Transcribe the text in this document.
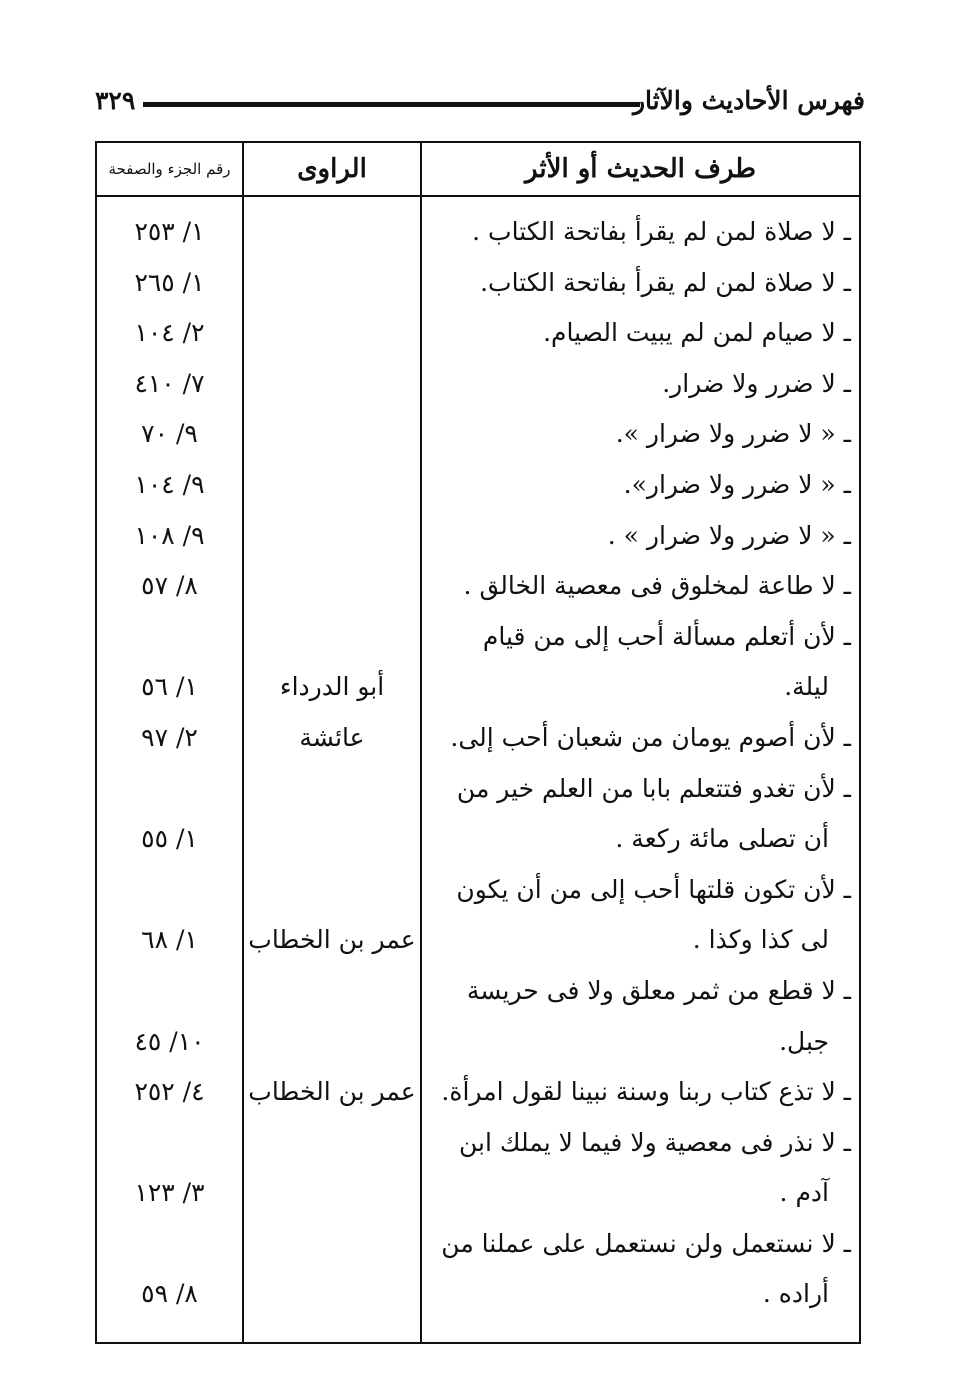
فهرس الأحاديث والآثار
٣٢٩
طرف الحديث أو الأثر	الراوى	رقم الجزء والصفحة

ـ لا صلاة لمن لم يقرأ بفاتحة الكتاب .		١/ ٢٥٣

ـ لا صلاة لمن لم يقرأ بفاتحة الكتاب.		١/ ٢٦٥

ـ لا صيام لمن لم يبيت الصيام.		٢/ ١٠٤

ـ لا ضرر ولا ضرار.		٧/ ٤١٠

ـ « لا ضرر ولا ضرار ».		٩/ ٧٠

ـ « لا ضرر ولا ضرار».		٩/ ١٠٤

ـ « لا ضرر ولا ضرار » .		٩/ ١٠٨

ـ لا طاعة لمخلوق فى معصية الخالق .		٨/ ٥٧

ـ لأن أتعلم مسألة أحب إلى من قيام
ليلة.	أبو الدرداء	١/ ٥٦

ـ لأن أصوم يومان من شعبان أحب إلى.	عائشة	٢/ ٩٧

ـ لأن تغدو فتتعلم بابا من العلم خير من
أن تصلى مائة ركعة .		١/ ٥٥

ـ لأن تكون قلتها أحب إلى من أن يكون
لى كذا وكذا .	عمر بن الخطاب	١/ ٦٨

ـ لا قطع من ثمر معلق ولا فى حريسة
جبل.		١٠/ ٤٥

ـ لا تذع كتاب ربنا وسنة نبينا لقول امرأة.	عمر بن الخطاب	٤/ ٢٥٢

ـ لا نذر فى معصية ولا فيما لا يملك ابن
آدم .		٣/ ١٢٣

ـ لا نستعمل ولن نستعمل على عملنا من
أراده .		٨/ ٥٩
